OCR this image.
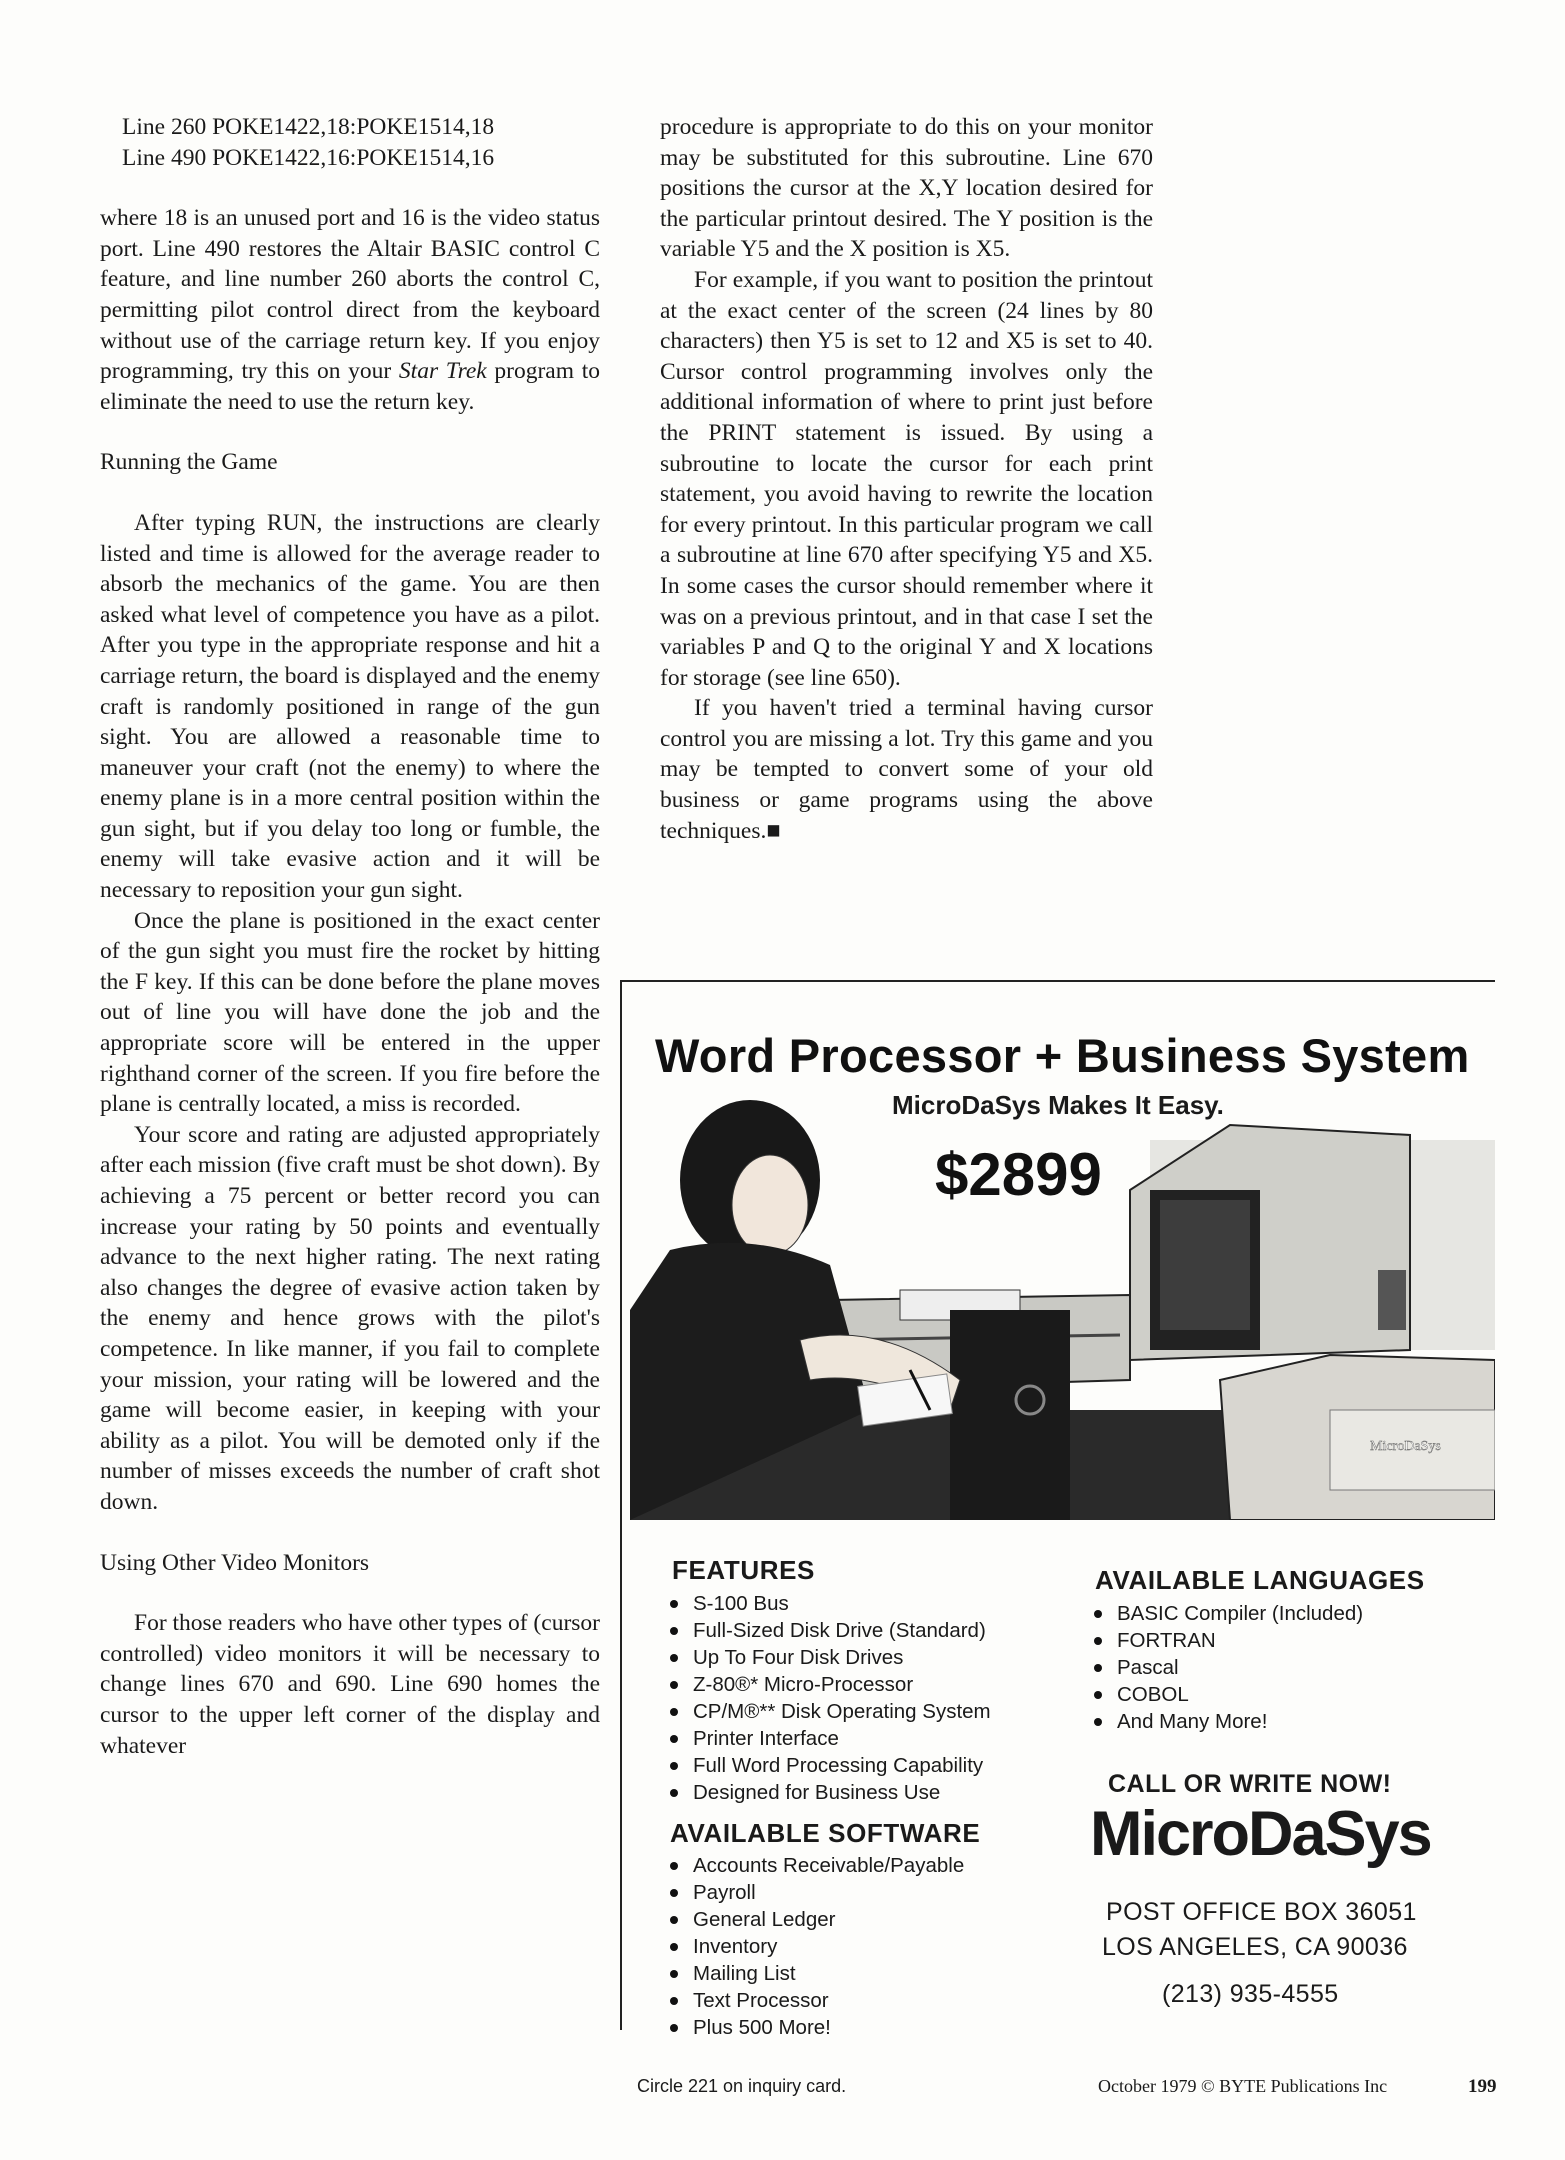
Line 260 POKE1422,18:POKE1514,18

Line 490 POKE1422,16:POKE1514,16

where 18 is an unused port and 16 is the video status port. Line 490 restores the Altair BASIC control C feature, and line number 260 aborts the control C, permitting pilot control direct from the keyboard without use of the carriage return key. If you enjoy programming, try this on your Star Trek program to eliminate the need to use the return key.

Running the Game

After typing RUN, the instructions are clearly listed and time is allowed for the average reader to absorb the mechanics of the game. You are then asked what level of competence you have as a pilot. After you type in the appropriate response and hit a carriage return, the board is displayed and the enemy craft is randomly positioned in range of the gun sight. You are allowed a reasonable time to maneuver your craft (not the enemy) to where the enemy plane is in a more central position within the gun sight, but if you delay too long or fumble, the enemy will take evasive action and it will be necessary to reposition your gun sight.

Once the plane is positioned in the exact center of the gun sight you must fire the rocket by hitting the F key. If this can be done before the plane moves out of line you will have done the job and the appropriate score will be entered in the upper righthand corner of the screen. If you fire before the plane is centrally located, a miss is recorded.

Your score and rating are adjusted appropriately after each mission (five craft must be shot down). By achieving a 75 percent or better record you can increase your rating by 50 points and eventually advance to the next higher rating. The next rating also changes the degree of evasive action taken by the enemy and hence grows with the pilot's competence. In like manner, if you fail to complete your mission, your rating will be lowered and the game will become easier, in keeping with your ability as a pilot. You will be demoted only if the number of misses exceeds the number of craft shot down.

Using Other Video Monitors

For those readers who have other types of (cursor controlled) video monitors it will be necessary to change lines 670 and 690. Line 690 homes the cursor to the upper left corner of the display and whatever

procedure is appropriate to do this on your monitor may be substituted for this subroutine. Line 670 positions the cursor at the X,Y location desired for the particular printout desired. The Y position is the variable Y5 and the X position is X5.

For example, if you want to position the printout at the exact center of the screen (24 lines by 80 characters) then Y5 is set to 12 and X5 is set to 40. Cursor control programming involves only the additional information of where to print just before the PRINT statement is issued. By using a subroutine to locate the cursor for each print statement, you avoid having to rewrite the location for every printout. In this particular program we call a subroutine at line 670 after specifying Y5 and X5. In some cases the cursor should remember where it was on a previous printout, and in that case I set the variables P and Q to the original Y and X locations for storage (see line 650).

If you haven't tried a terminal having cursor control you are missing a lot. Try this game and you may be tempted to convert some of your old business or game programs using the above techniques.■

MicroDaSys
Word Processor + Business System
MicroDaSys Makes It Easy.
$2899
FEATURES
S-100 Bus
Full-Sized Disk Drive (Standard)
Up To Four Disk Drives
Z-80®* Micro-Processor
CP/M®** Disk Operating System
Printer Interface
Full Word Processing Capability
Designed for Business Use
AVAILABLE SOFTWARE
Accounts Receivable/Payable
Payroll
General Ledger
Inventory
Mailing List
Text Processor
Plus 500 More!
AVAILABLE LANGUAGES
BASIC Compiler (Included)
FORTRAN
Pascal
COBOL
And Many More!
CALL OR WRITE NOW!
MicroDaSys
POST OFFICE BOX 36051
LOS ANGELES, CA 90036
(213) 935-4555
Circle 221 on inquiry card.	October 1979 © BYTE Publications Inc	199
